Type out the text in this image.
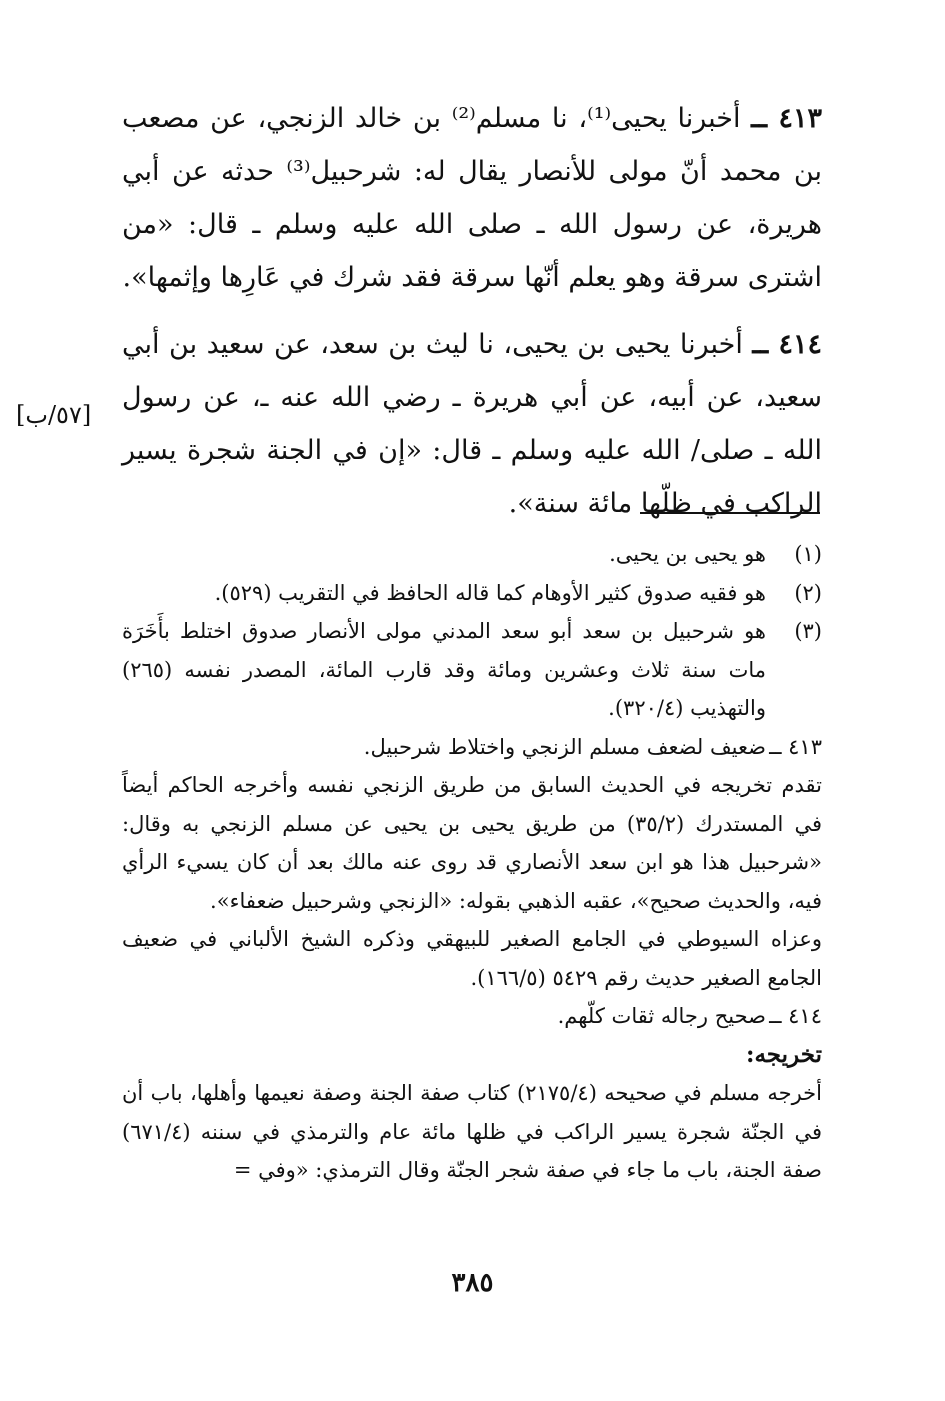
٤١٣ ــ أخبرنا يحيى⁽¹⁾، نا مسلم⁽²⁾ بن خالد الزنجي، عن مصعب بن محمد أنّ مولى للأنصار يقال له: شرحبيل⁽³⁾ حدثه عن أبي هريرة، عن رسول الله ـ صلى الله عليه وسلم ـ قال: «من اشترى سرقة وهو يعلم أنّها سرقة فقد شرك في عَارِها وإثمها».

٤١٤ ــ أخبرنا يحيى بن يحيى، نا ليث بن سعد، عن سعيد بن أبي سعيد، عن أبيه، عن أبي هريرة ـ رضي الله عنه ـ، عن رسول الله ـ صلى/ الله عليه وسلم ـ قال: «إن في الجنة شجرة يسير الراكب في ظلّها مائة سنة».

[٥٧/ب]
(١)
هو يحيى بن يحيى.
(٢)
هو فقيه صدوق كثير الأوهام كما قاله الحافظ في التقريب (٥٢٩).
(٣)
هو شرحبيل بن سعد أبو سعد المدني مولى الأنصار صدوق اختلط بأَخَرَة مات سنة ثلاث وعشرين ومائة وقد قارب المائة، المصدر نفسه (٢٦٥) والتهذيب (٣٢٠/٤).
٤١٣ ــ
ضعيف لضعف مسلم الزنجي واختلاط شرحبيل.

تقدم تخريجه في الحديث السابق من طريق الزنجي نفسه وأخرجه الحاكم أيضاً في المستدرك (٣٥/٢) من طريق يحيى بن يحيى عن مسلم الزنجي به وقال: «شرحبيل هذا هو ابن سعد الأنصاري قد روى عنه مالك بعد أن كان يسيء الرأي فيه، والحديث صحيح»، عقبه الذهبي بقوله: «الزنجي وشرحبيل ضعفاء».

وعزاه السيوطي في الجامع الصغير للبيهقي وذكره الشيخ الألباني في ضعيف الجامع الصغير حديث رقم ٥٤٢٩ (١٦٦/٥).

٤١٤ ــ
صحيح رجاله ثقات كلّهم.

تخريجه:

أخرجه مسلم في صحيحه (٢١٧٥/٤) كتاب صفة الجنة وصفة نعيمها وأهلها، باب أن في الجنّة شجرة يسير الراكب في ظلها مائة عام والترمذي في سننه (٦٧١/٤) صفة الجنة، باب ما جاء في صفة شجر الجنّة وقال الترمذي: «وفي =

٣٨٥
